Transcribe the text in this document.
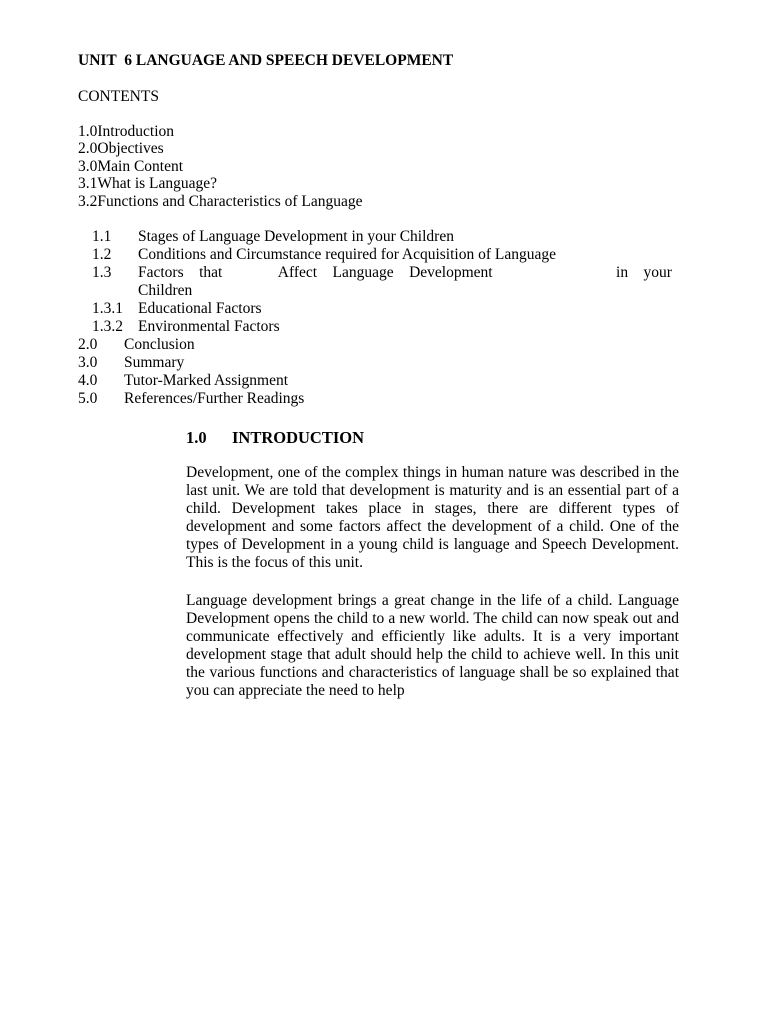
UNIT  6 LANGUAGE AND SPEECH DEVELOPMENT
CONTENTS
1.0Introduction
2.0Objectives
3.0Main Content
3.1What is Language?
3.2Functions and Characteristics of Language
1.1 Stages of Language Development in your Children
1.2 Conditions and Circumstance required for Acquisition of Language
1.3 Factors that	Affect Language Development	in your
Children
1.3.1 Educational Factors
1.3.2 Environmental Factors
2.0 Conclusion
3.0 Summary
4.0 Tutor-Marked Assignment
5.0 References/Further Readings
1.0 INTRODUCTION

Development, one of the complex things in human nature was described in the last unit. We are told that development is maturity and is an essential part of a child. Development takes place in stages, there are different types of development and some factors affect the development of a child. One of the types of Development in a young child is language and Speech Development. This is the focus of this unit.

Language development brings a great change in the life of a child. Language Development opens the child to a new world. The child can now speak out and communicate effectively and efficiently like adults. It is a very important development stage that adult should help the child to achieve well. In this unit the various functions and characteristics of language shall be so explained that you can appreciate the need to help
